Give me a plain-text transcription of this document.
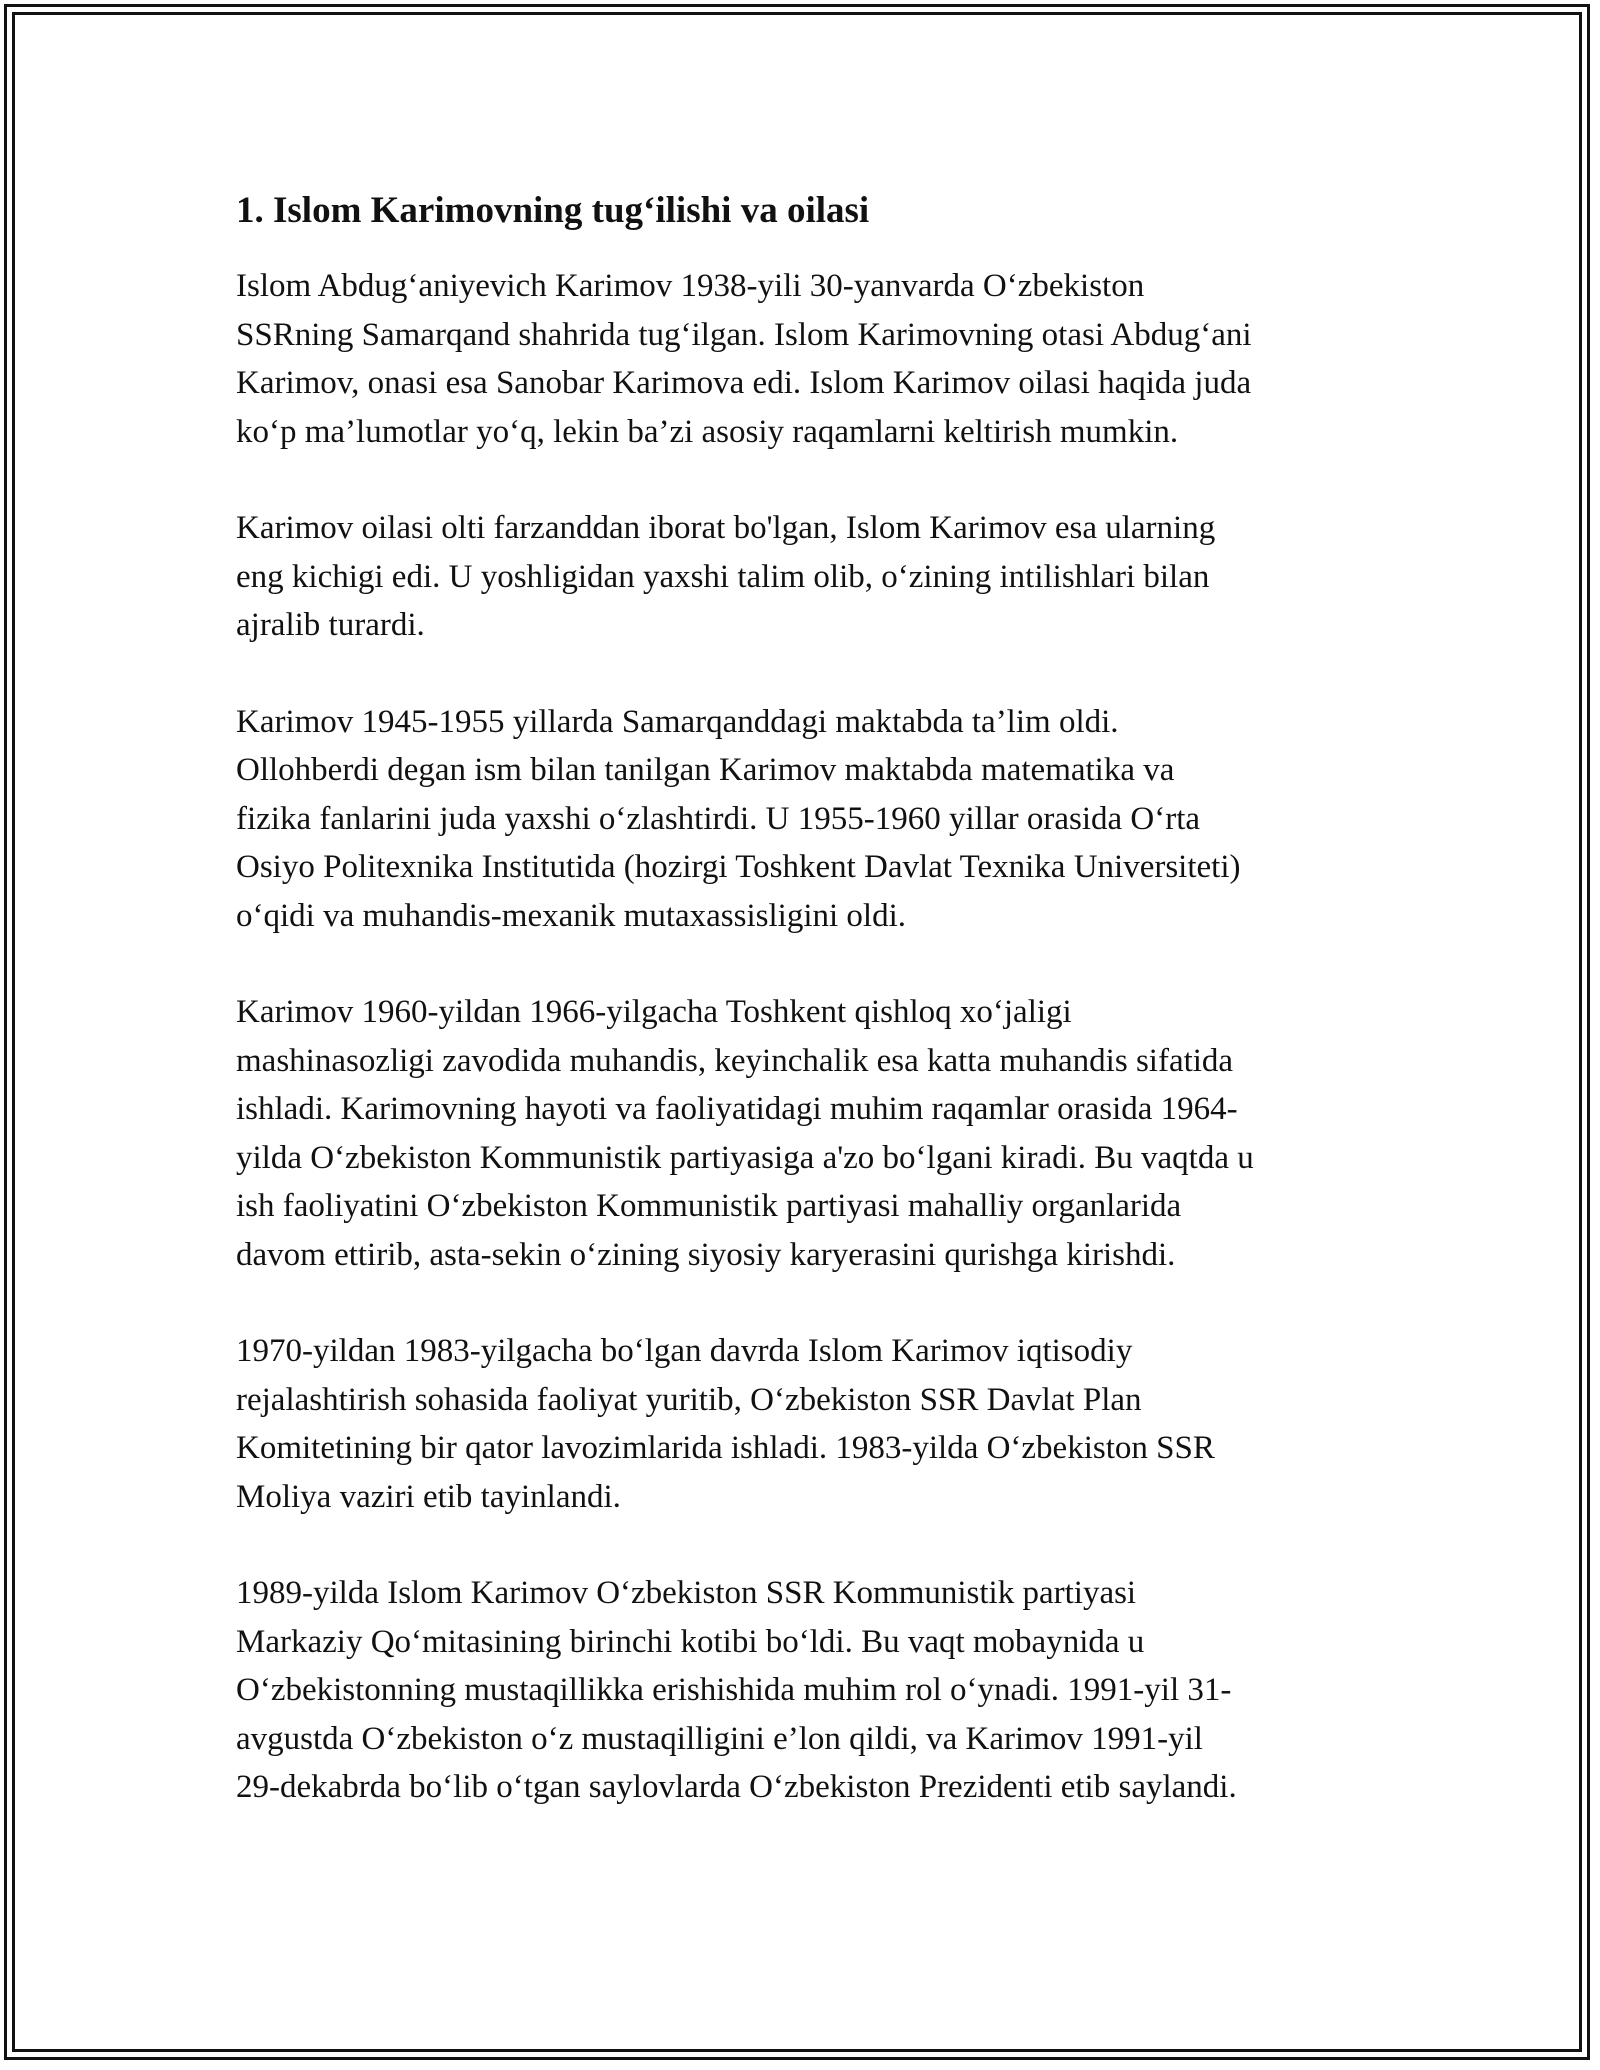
1. Islom Karimovning tug‘ilishi va oilasi

Islom Abdug‘aniyevich Karimov 1938-yili 30-yanvarda O‘zbekiston
SSRning Samarqand shahrida tug‘ilgan. Islom Karimovning otasi Abdug‘ani
Karimov, onasi esa Sanobar Karimova edi. Islom Karimov oilasi haqida juda
ko‘p ma’lumotlar yo‘q, lekin ba’zi asosiy raqamlarni keltirish mumkin.

Karimov oilasi olti farzanddan iborat bo'lgan, Islom Karimov esa ularning
eng kichigi edi. U yoshligidan yaxshi talim olib, o‘zining intilishlari bilan
ajralib turardi.

Karimov 1945-1955 yillarda Samarqanddagi maktabda ta’lim oldi.
Ollohberdi degan ism bilan tanilgan Karimov maktabda matematika va
fizika fanlarini juda yaxshi o‘zlashtirdi. U 1955-1960 yillar orasida O‘rta
Osiyo Politexnika Institutida (hozirgi Toshkent Davlat Texnika Universiteti)
o‘qidi va muhandis-mexanik mutaxassisligini oldi.

Karimov 1960-yildan 1966-yilgacha Toshkent qishloq xo‘jaligi
mashinasozligi zavodida muhandis, keyinchalik esa katta muhandis sifatida
ishladi. Karimovning hayoti va faoliyatidagi muhim raqamlar orasida 1964-
yilda O‘zbekiston Kommunistik partiyasiga a'zo bo‘lgani kiradi. Bu vaqtda u
ish faoliyatini O‘zbekiston Kommunistik partiyasi mahalliy organlarida
davom ettirib, asta-sekin o‘zining siyosiy karyerasini qurishga kirishdi.

1970-yildan 1983-yilgacha bo‘lgan davrda Islom Karimov iqtisodiy
rejalashtirish sohasida faoliyat yuritib, O‘zbekiston SSR Davlat Plan
Komitetining bir qator lavozimlarida ishladi. 1983-yilda O‘zbekiston SSR
Moliya vaziri etib tayinlandi.

1989-yilda Islom Karimov O‘zbekiston SSR Kommunistik partiyasi
Markaziy Qo‘mitasining birinchi kotibi bo‘ldi. Bu vaqt mobaynida u
O‘zbekistonning mustaqillikka erishishida muhim rol o‘ynadi. 1991-yil 31-
avgustda O‘zbekiston o‘z mustaqilligini e’lon qildi, va Karimov 1991-yil
29-dekabrda bo‘lib o‘tgan saylovlarda O‘zbekiston Prezidenti etib saylandi.
